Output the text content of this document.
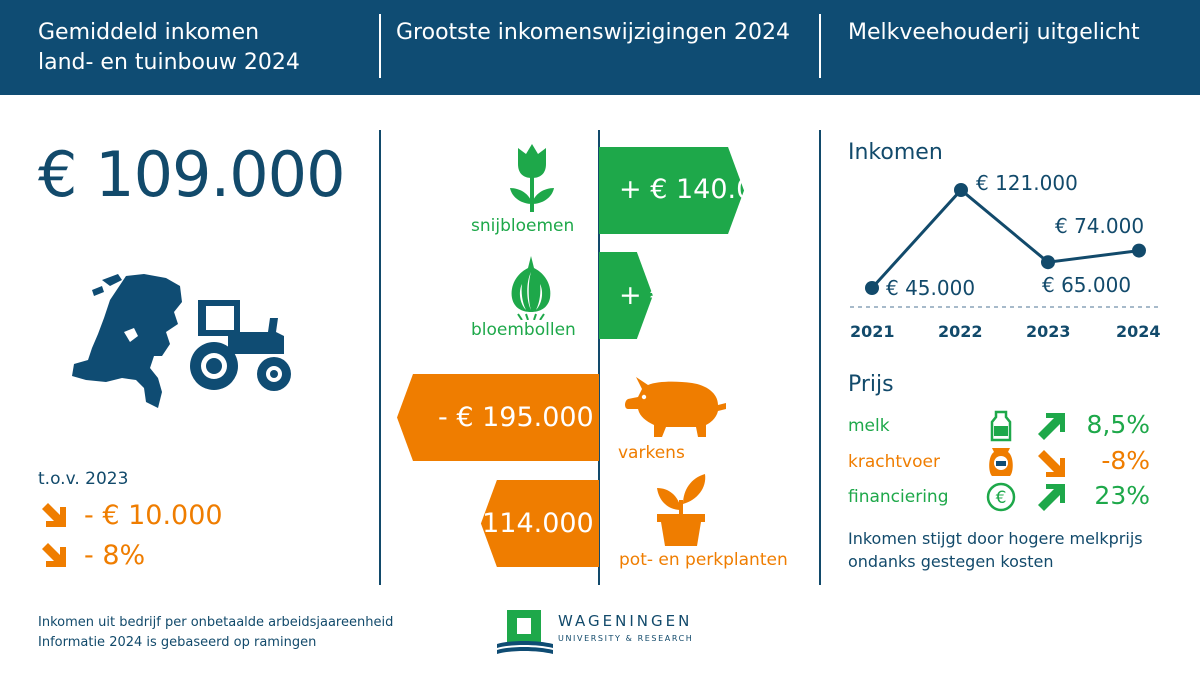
Gemiddeld inkomen
land- en tuinbouw 2024
Grootste inkomenswijzigingen 2024	Melkveehouderij uitgelicht
€ 109.000
t.o.v. 2023
- € 10.000
- 8%
snijbloemen
bloembollen
varkens
pot- en perkplanten
+ € 140.000
+ € 52.000
- € 195.000
- € 114.000
Inkomen
€ 45.000
€ 121.000
€ 65.000
€ 74.000
2021	2022	2023	2024
Prijs
melk	8,5%
krachtvoer	-8%
financiering	€	23%
Inkomen stijgt door hogere melkprijs ondanks gestegen kosten
Inkomen uit bedrijf per onbetaalde arbeidsjaareenheid
Informatie 2024 is gebaseerd op ramingen
WAGENINGEN
UNIVERSITY & RESEARCH
